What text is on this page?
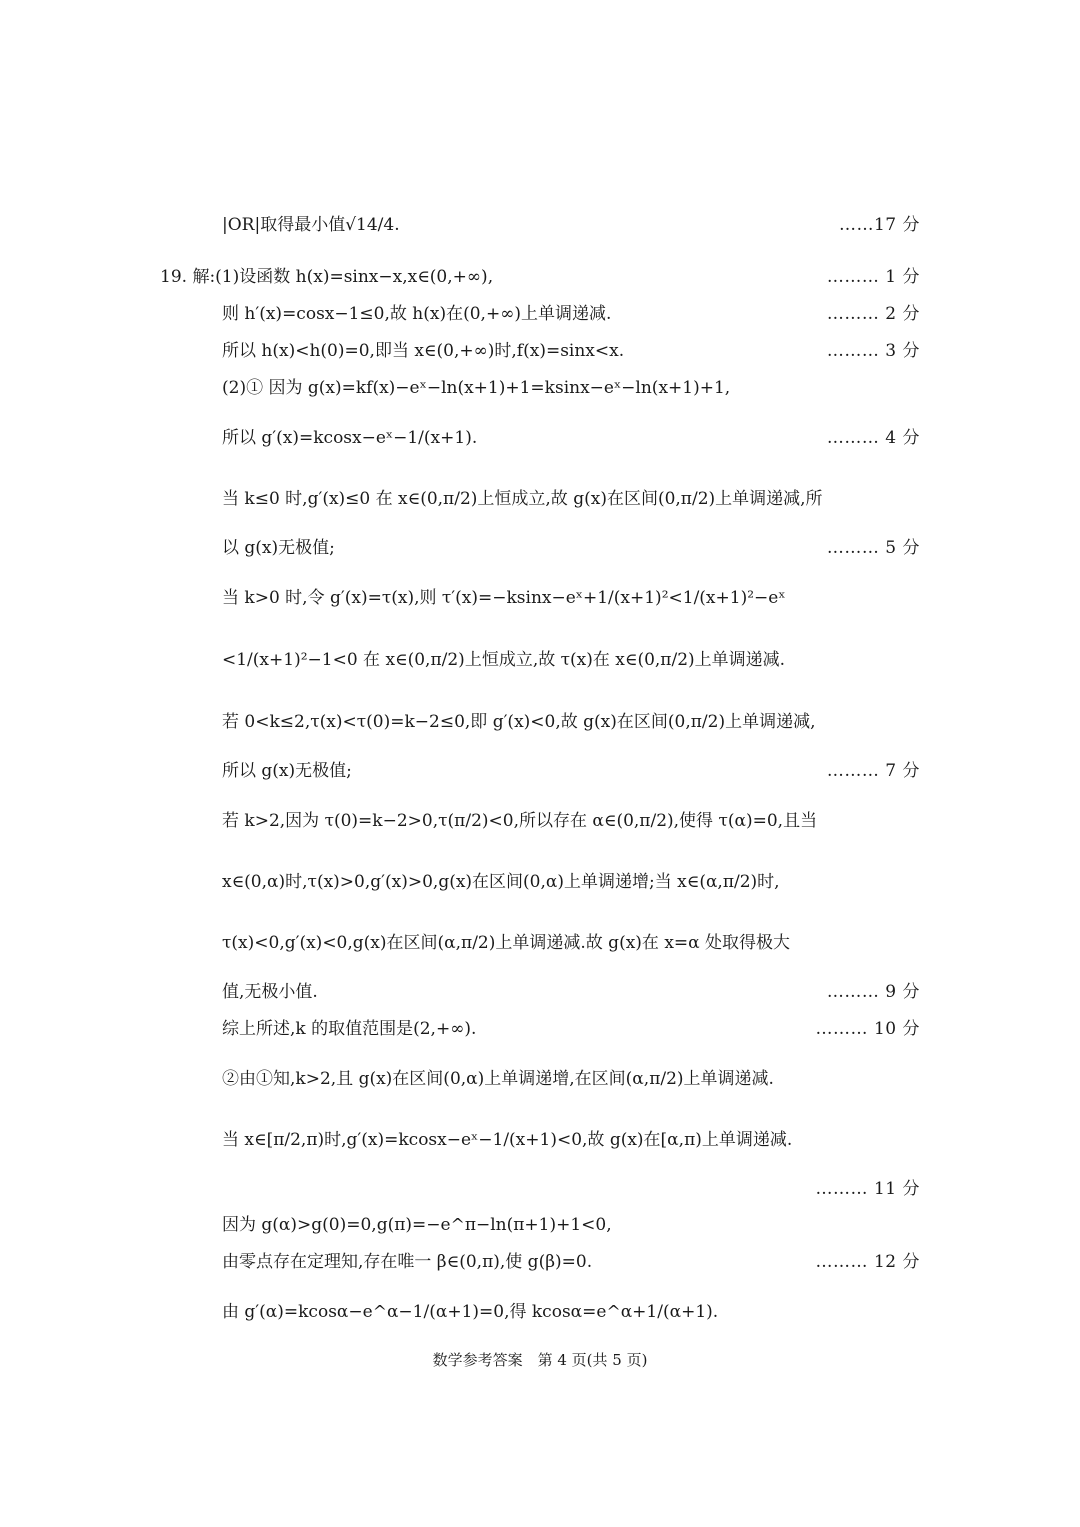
|OR|取得最小值√14/4.	……17 分
19. 解:(1)设函数 h(x)=sinx−x,x∈(0,+∞),	……… 1 分
则 h′(x)=cosx−1≤0,故 h(x)在(0,+∞)上单调递减.	……… 2 分
所以 h(x)<h(0)=0,即当 x∈(0,+∞)时,f(x)=sinx<x.	……… 3 分
(2)① 因为 g(x)=kf(x)−eˣ−ln(x+1)+1=ksinx−eˣ−ln(x+1)+1,
所以 g′(x)=kcosx−eˣ−1/(x+1).	……… 4 分
当 k≤0 时,g′(x)≤0 在 x∈(0,π/2)上恒成立,故 g(x)在区间(0,π/2)上单调递减,所
以 g(x)无极值;	……… 5 分
当 k>0 时,令 g′(x)=τ(x),则 τ′(x)=−ksinx−eˣ+1/(x+1)²<1/(x+1)²−eˣ
<1/(x+1)²−1<0 在 x∈(0,π/2)上恒成立,故 τ(x)在 x∈(0,π/2)上单调递减.
若 0<k≤2,τ(x)<τ(0)=k−2≤0,即 g′(x)<0,故 g(x)在区间(0,π/2)上单调递减,
所以 g(x)无极值;	……… 7 分
若 k>2,因为 τ(0)=k−2>0,τ(π/2)<0,所以存在 α∈(0,π/2),使得 τ(α)=0,且当
x∈(0,α)时,τ(x)>0,g′(x)>0,g(x)在区间(0,α)上单调递增;当 x∈(α,π/2)时,
τ(x)<0,g′(x)<0,g(x)在区间(α,π/2)上单调递减.故 g(x)在 x=α 处取得极大
值,无极小值.	……… 9 分
综上所述,k 的取值范围是(2,+∞).	……… 10 分
②由①知,k>2,且 g(x)在区间(0,α)上单调递增,在区间(α,π/2)上单调递减.
当 x∈[π/2,π)时,g′(x)=kcosx−eˣ−1/(x+1)<0,故 g(x)在[α,π)上单调递减.
……… 11 分
因为 g(α)>g(0)=0,g(π)=−e^π−ln(π+1)+1<0,
由零点存在定理知,存在唯一 β∈(0,π),使 g(β)=0.	……… 12 分
由 g′(α)=kcosα−e^α−1/(α+1)=0,得 kcosα=e^α+1/(α+1).
数学参考答案　第 4 页(共 5 页)
